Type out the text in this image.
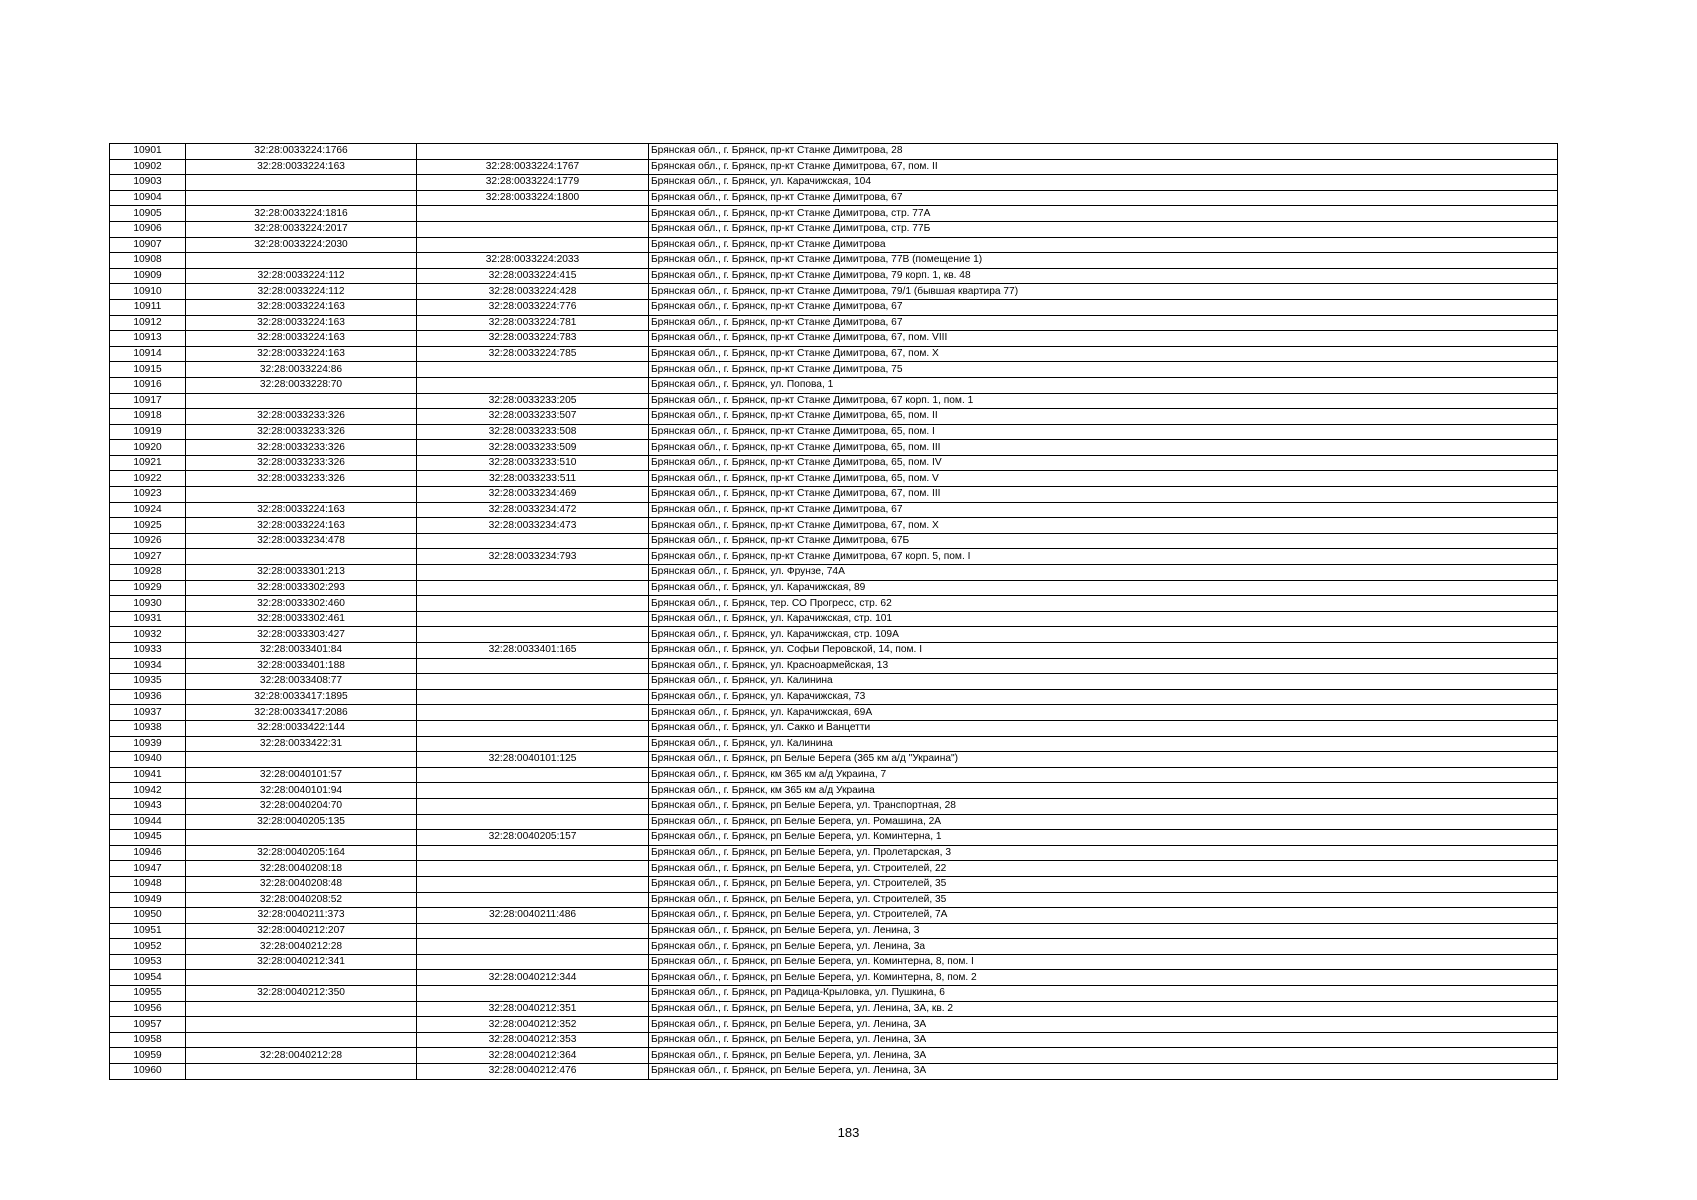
10901	32:28:0033224:1766		Брянская обл., г. Брянск, пр-кт Станке Димитрова, 28
10902	32:28:0033224:163	32:28:0033224:1767	Брянская обл., г. Брянск, пр-кт Станке Димитрова, 67, пом. II
10903		32:28:0033224:1779	Брянская обл., г. Брянск, ул. Карачижская, 104
10904		32:28:0033224:1800	Брянская обл., г. Брянск, пр-кт Станке Димитрова, 67
10905	32:28:0033224:1816		Брянская обл., г. Брянск, пр-кт Станке Димитрова, стр. 77А
10906	32:28:0033224:2017		Брянская обл., г. Брянск, пр-кт Станке Димитрова, стр. 77Б
10907	32:28:0033224:2030		Брянская обл., г. Брянск, пр-кт Станке Димитрова
10908		32:28:0033224:2033	Брянская обл., г. Брянск, пр-кт Станке Димитрова, 77В (помещение 1)
10909	32:28:0033224:112	32:28:0033224:415	Брянская обл., г. Брянск, пр-кт Станке Димитрова, 79 корп. 1, кв. 48
10910	32:28:0033224:112	32:28:0033224:428	Брянская обл., г. Брянск, пр-кт Станке Димитрова, 79/1 (бывшая квартира 77)
10911	32:28:0033224:163	32:28:0033224:776	Брянская обл., г. Брянск, пр-кт Станке Димитрова, 67
10912	32:28:0033224:163	32:28:0033224:781	Брянская обл., г. Брянск, пр-кт Станке Димитрова, 67
10913	32:28:0033224:163	32:28:0033224:783	Брянская обл., г. Брянск, пр-кт Станке Димитрова, 67, пом. VIII
10914	32:28:0033224:163	32:28:0033224:785	Брянская обл., г. Брянск, пр-кт Станке Димитрова, 67, пом. X
10915	32:28:0033224:86		Брянская обл., г. Брянск, пр-кт Станке Димитрова, 75
10916	32:28:0033228:70		Брянская обл., г. Брянск, ул. Попова, 1
10917		32:28:0033233:205	Брянская обл., г. Брянск, пр-кт Станке Димитрова, 67 корп. 1, пом. 1
10918	32:28:0033233:326	32:28:0033233:507	Брянская обл., г. Брянск, пр-кт Станке Димитрова, 65, пом. II
10919	32:28:0033233:326	32:28:0033233:508	Брянская обл., г. Брянск, пр-кт Станке Димитрова, 65, пом. I
10920	32:28:0033233:326	32:28:0033233:509	Брянская обл., г. Брянск, пр-кт Станке Димитрова, 65, пом. III
10921	32:28:0033233:326	32:28:0033233:510	Брянская обл., г. Брянск, пр-кт Станке Димитрова, 65, пом. IV
10922	32:28:0033233:326	32:28:0033233:511	Брянская обл., г. Брянск, пр-кт Станке Димитрова, 65, пом. V
10923		32:28:0033234:469	Брянская обл., г. Брянск, пр-кт Станке Димитрова, 67, пом. III
10924	32:28:0033224:163	32:28:0033234:472	Брянская обл., г. Брянск, пр-кт Станке Димитрова, 67
10925	32:28:0033224:163	32:28:0033234:473	Брянская обл., г. Брянск, пр-кт Станке Димитрова, 67, пом. X
10926	32:28:0033234:478		Брянская обл., г. Брянск, пр-кт Станке Димитрова, 67Б
10927		32:28:0033234:793	Брянская обл., г. Брянск, пр-кт Станке Димитрова, 67 корп. 5, пом. I
10928	32:28:0033301:213		Брянская обл., г. Брянск, ул. Фрунзе, 74А
10929	32:28:0033302:293		Брянская обл., г. Брянск, ул. Карачижская, 89
10930	32:28:0033302:460		Брянская обл., г. Брянск, тер. СО Прогресс, стр. 62
10931	32:28:0033302:461		Брянская обл., г. Брянск, ул. Карачижская, стр. 101
10932	32:28:0033303:427		Брянская обл., г. Брянск, ул. Карачижская, стр. 109А
10933	32:28:0033401:84	32:28:0033401:165	Брянская обл., г. Брянск, ул. Софьи Перовской, 14, пом. I
10934	32:28:0033401:188		Брянская обл., г. Брянск, ул. Красноармейская, 13
10935	32:28:0033408:77		Брянская обл., г. Брянск, ул. Калинина
10936	32:28:0033417:1895		Брянская обл., г. Брянск, ул. Карачижская, 73
10937	32:28:0033417:2086		Брянская обл., г. Брянск, ул. Карачижская, 69А
10938	32:28:0033422:144		Брянская обл., г. Брянск, ул. Сакко и Ванцетти
10939	32:28:0033422:31		Брянская обл., г. Брянск, ул. Калинина
10940		32:28:0040101:125	Брянская обл., г. Брянск, рп Белые Берега (365 км а/д "Украина")
10941	32:28:0040101:57		Брянская обл., г. Брянск, км 365 км а/д Украина, 7
10942	32:28:0040101:94		Брянская обл., г. Брянск, км 365 км а/д Украина
10943	32:28:0040204:70		Брянская обл., г. Брянск, рп Белые Берега, ул. Транспортная, 28
10944	32:28:0040205:135		Брянская обл., г. Брянск, рп Белые Берега, ул. Ромашина, 2А
10945		32:28:0040205:157	Брянская обл., г. Брянск, рп Белые Берега, ул. Коминтерна, 1
10946	32:28:0040205:164		Брянская обл., г. Брянск, рп Белые Берега, ул. Пролетарская, 3
10947	32:28:0040208:18		Брянская обл., г. Брянск, рп Белые Берега, ул. Строителей, 22
10948	32:28:0040208:48		Брянская обл., г. Брянск, рп Белые Берега, ул. Строителей, 35
10949	32:28:0040208:52		Брянская обл., г. Брянск, рп Белые Берега, ул. Строителей, 35
10950	32:28:0040211:373	32:28:0040211:486	Брянская обл., г. Брянск, рп Белые Берега, ул. Строителей, 7А
10951	32:28:0040212:207		Брянская обл., г. Брянск, рп Белые Берега, ул. Ленина, 3
10952	32:28:0040212:28		Брянская обл., г. Брянск, рп Белые Берега, ул. Ленина, 3а
10953	32:28:0040212:341		Брянская обл., г. Брянск, рп Белые Берега, ул. Коминтерна, 8, пом. I
10954		32:28:0040212:344	Брянская обл., г. Брянск, рп Белые Берега, ул. Коминтерна, 8, пом. 2
10955	32:28:0040212:350		Брянская обл., г. Брянск, рп Радица-Крыловка, ул. Пушкина, 6
10956		32:28:0040212:351	Брянская обл., г. Брянск, рп Белые Берега, ул. Ленина, 3А, кв. 2
10957		32:28:0040212:352	Брянская обл., г. Брянск, рп Белые Берега, ул. Ленина, 3А
10958		32:28:0040212:353	Брянская обл., г. Брянск, рп Белые Берега, ул. Ленина, 3А
10959	32:28:0040212:28	32:28:0040212:364	Брянская обл., г. Брянск, рп Белые Берега, ул. Ленина, 3А
10960		32:28:0040212:476	Брянская обл., г. Брянск, рп Белые Берега, ул. Ленина, 3А
183
